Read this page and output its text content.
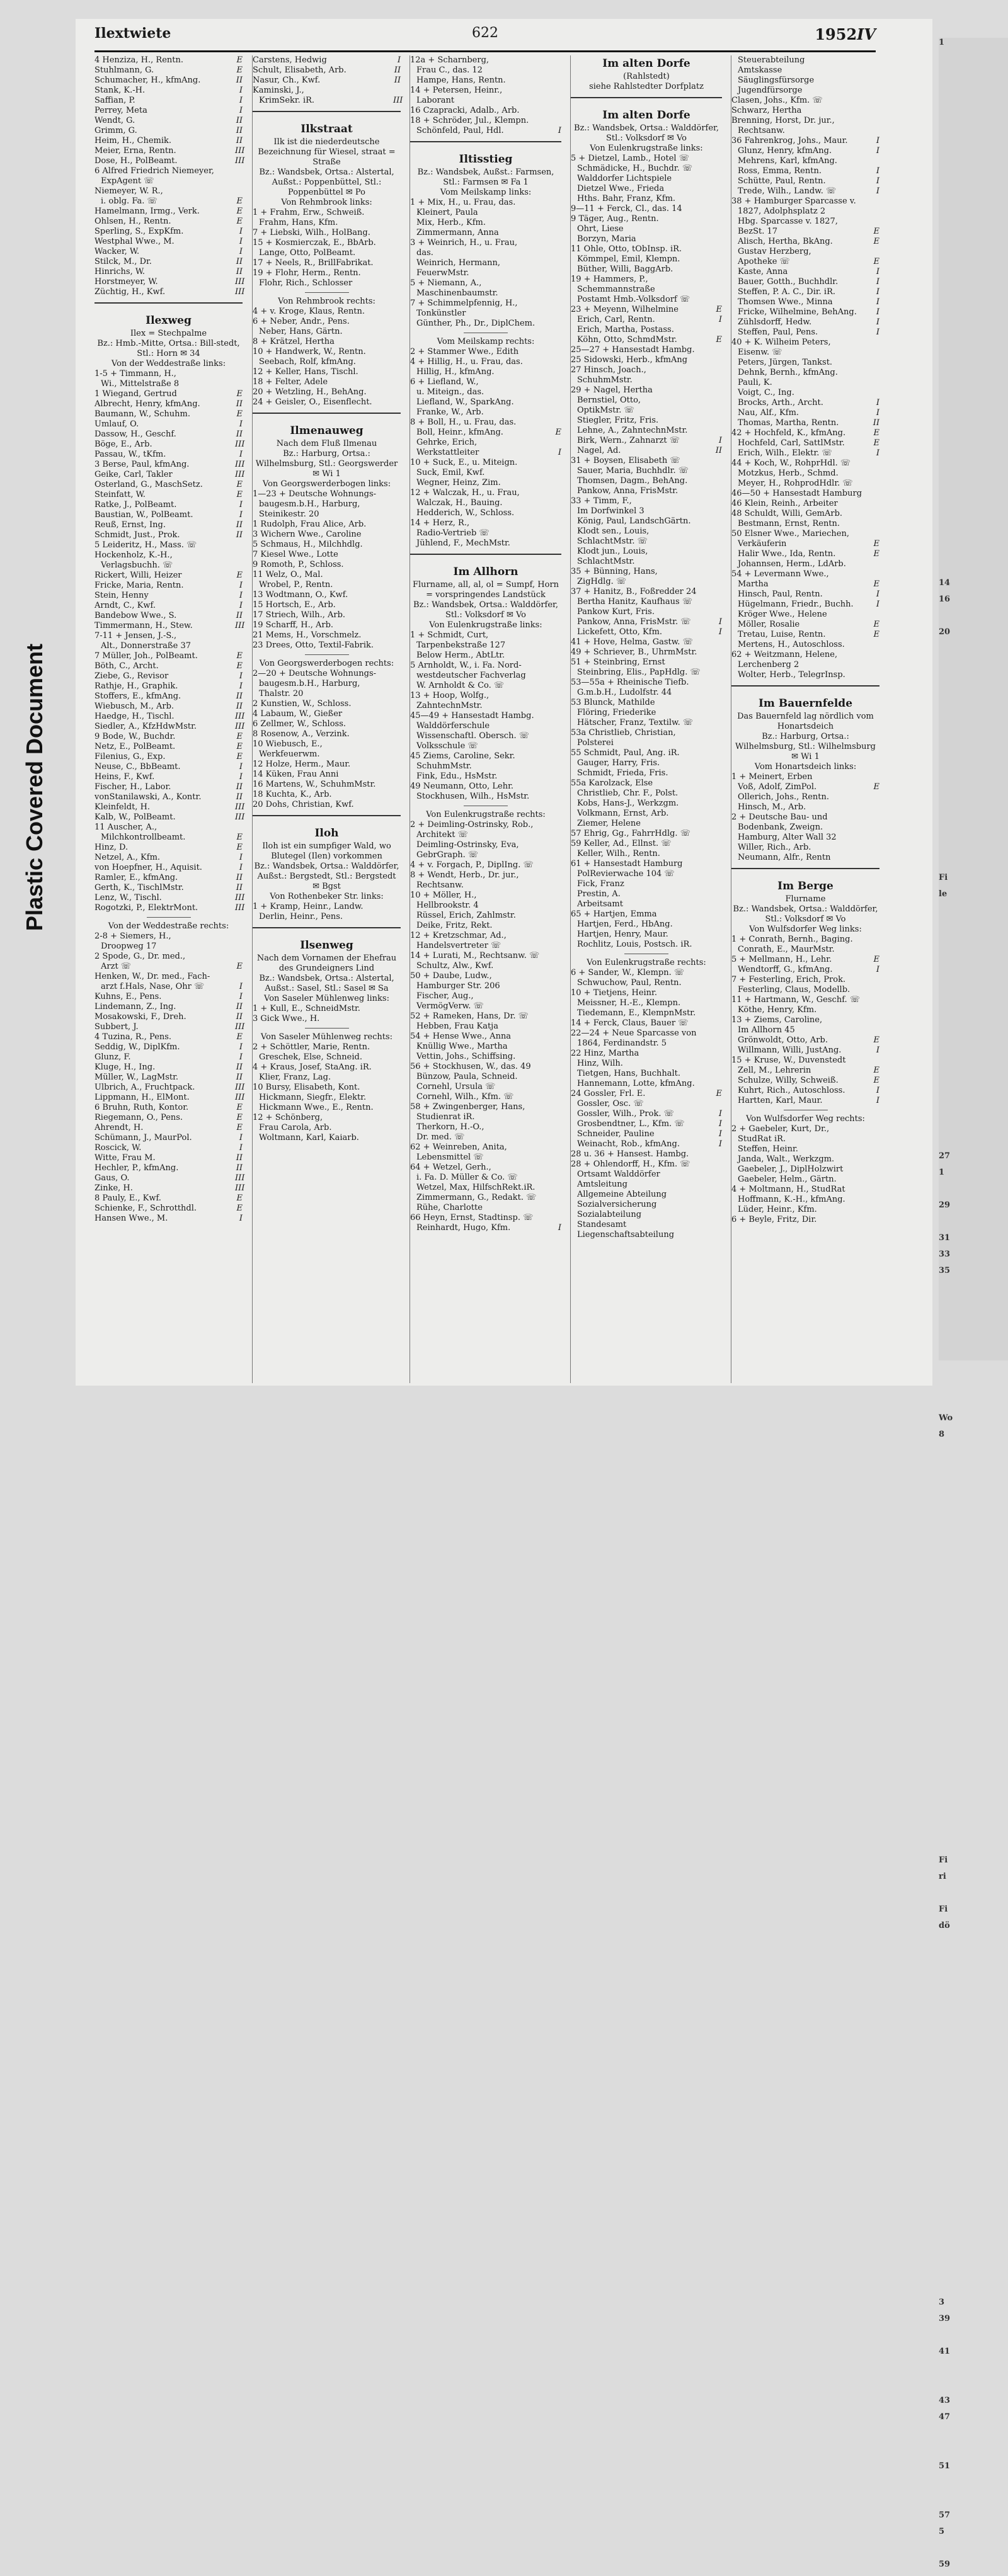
Plastic Covered Document
Ilextwiete	622	1952 IV
4 Henziza, H., Rentn.	E
Stuhlmann, G.	E
Schumacher, H., kfmAng.	II
Stank, K.-H.	I
Saffian, P.	I
Perrey, Meta	I
Wendt, G.	II
Grimm, G.	II
Heim, H., Chemik.	II
Meier, Erna, Rentn.	III
Dose, H., PolBeamt.	III
6 Alfred Friedrich Niemeyer,
ExpAgent ☏
Niemeyer, W. R.,
i. oblg. Fa. ☏	E
Hamelmann, Irmg., Verk.	E
Ohlsen, H., Rentn.	E
Sperling, S., ExpKfm.	I
Westphal Wwe., M.	I
Wacker, W.	I
Stilck, M., Dr.	II
Hinrichs, W.	II
Horstmeyer, W.	III
Züchtig, H., Kwf.	III
Ilexweg
Ilex = Stechpalme
Bz.: Hmb.-Mitte, Ortsa.: Bill-stedt, Stl.: Horn ✉ 34
Von der Weddestraße links:
1-5 + Timmann, H.,
Wi., Mittelstraße 8
1 Wiegand, Gertrud	E
Albrecht, Henry, kfmAng.	II
Baumann, W., Schuhm.	E
Umlauf, O.	I
Dassow, H., Geschf.	II
Böge, E., Arb.	III
Passau, W., tKfm.	I
3 Berse, Paul, kfmAng.	III
Geike, Carl, Takler	III
Osterland, G., MaschSetz.	E
Steinfatt, W.	E
Ratke, J., PolBeamt.	I
Baustian, W., PolBeamt.	I
Reuß, Ernst, Ing.	II
Schmidt, Just., Prok.	II
5 Leideritz, H., Mass. ☏
Hockenholz, K.-H.,
Verlagsbuchh. ☏
Rickert, Willi, Heizer	E
Fricke, Maria, Rentn.	I
Stein, Henny	I
Arndt, C., Kwf.	I
Bandebow Wwe., S.	II
Timmermann, H., Stew.	III
7-11 + Jensen, J.-S.,
Alt., Donnerstraße 37
7 Müller, Joh., PolBeamt.	E
Böth, C., Archt.	E
Ziebe, G., Revisor	I
Rathje, H., Graphik.	I
Stoffers, E., kfmAng.	II
Wiebusch, M., Arb.	II
Haedge, H., Tischl.	III
Siedler, A., KfzHdwMstr.	III
9 Bode, W., Buchdr.	E
Netz, E., PolBeamt.	E
Filenius, G., Exp.	E
Neuse, C., BbBeamt.	I
Heins, F., Kwf.	I
Fischer, H., Labor.	II
vonStanilawski, A., Kontr.	II
Kleinfeldt, H.	III
Kalb, W., PolBeamt.	III
11 Auscher, A.,
Milchkontrollbeamt.	E
Hinz, D.	E
Netzel, A., Kfm.	I
von Hoepfner, H., Aquisit.	I
Ramler, E., kfmAng.	II
Gerth, K., TischlMstr.	II
Lenz, W., Tischl.	III
Rogotzki, P., ElektrMont.	III
Von der Weddestraße rechts:
2-8 + Siemers, H.,
Droopweg 17
2 Spode, G., Dr. med.,
Arzt ☏	E
Henken, W., Dr. med., Fach-
arzt f.Hals, Nase, Ohr ☏	I
Kuhns, E., Pens.	I
Lindemann, Z., Ing.	II
Mosakowski, F., Dreh.	II
Subbert, J.	III
4 Tuzina, R., Pens.	E
Seddig, W., DiplKfm.	I
Glunz, F.	I
Kluge, H., Ing.	II
Müller, W., LagMstr.	II
Ulbrich, A., Fruchtpack.	III
Lippmann, H., ElMont.	III
6 Bruhn, Ruth, Kontor.	E
Riegemann, O., Pens.	E
Ahrendt, H.	E
Schümann, J., MaurPol.	I
Roscick, W.	I
Witte, Frau M.	II
Hechler, P., kfmAng.	II
Gaus, O.	III
Zinke, H.	III
8 Pauly, E., Kwf.	E
Schienke, F., Schrotthdl.	E
Hansen Wwe., M.	I
Carstens, Hedwig	I
Schult, Elisabeth, Arb.	II
Nasur, Ch., Kwf.	II
Kaminski, J.,
KrimSekr. iR.	III
Ilkstraat
Ilk ist die niederdeutsche Bezeichnung für Wiesel, straat = Straße
Bz.: Wandsbek, Ortsa.: Alstertal, Außst.: Poppenbüttel, Stl.: Poppenbüttel ✉ Po
Von Rehmbrook links:
1 + Frahm, Erw., Schweiß.
Frahm, Hans, Kfm.
7 + Liebski, Wilh., HolBang.
15 + Kosmierczak, E., BbArb.
Lange, Otto, PolBeamt.
17 + Neels, R., BrillFabrikat.
19 + Flohr, Herm., Rentn.
Flohr, Rich., Schlosser
Von Rehmbrook rechts:
4 + v. Kroge, Klaus, Rentn.
6 + Neber, Andr., Pens.
Neber, Hans, Gärtn.
8 + Krätzel, Hertha
10 + Handwerk, W., Rentn.
Seebach, Rolf, kfmAng.
12 + Keller, Hans, Tischl.
18 + Felter, Adele
20 + Wetzling, H., BehAng.
24 + Geisler, O., Eisenflecht.
Ilmenauweg
Nach dem Fluß Ilmenau
Bz.: Harburg, Ortsa.: Wilhelmsburg, Stl.: Georgswerder ✉ Wi 1
Von Georgswerderbogen links:
1—23 + Deutsche Wohnungs-
baugesm.b.H., Harburg,
Steinikestr. 20
1 Rudolph, Frau Alice, Arb.
3 Wichern Wwe., Caroline
5 Schmaus, H., Milchhdlg.
7 Kiesel Wwe., Lotte
9 Romoth, P., Schloss.
11 Welz, O., Mal.
Wrobel, P., Rentn.
13 Wodtmann, O., Kwf.
15 Hortsch, E., Arb.
17 Striech, Wilh., Arb.
19 Scharff, H., Arb.
21 Mems, H., Vorschmelz.
23 Drees, Otto, Textil-Fabrik.
Von Georgswerderbogen rechts:
2—20 + Deutsche Wohnungs-
baugesm.b.H., Harburg,
Thalstr. 20
2 Kunstien, W., Schloss.
4 Labaum, W., Gießer
6 Zellmer, W., Schloss.
8 Rosenow, A., Verzink.
10 Wiebusch, E.,
Werkfeuerwm.
12 Holze, Herm., Maur.
14 Küken, Frau Anni
16 Martens, W., SchuhmMstr.
18 Kuchta, K., Arb.
20 Dohs, Christian, Kwf.
Iloh
Iloh ist ein sumpfiger Wald, wo Blutegel (Ilen) vorkommen
Bz.: Wandsbek, Ortsa.: Walddörfer, Außst.: Bergstedt, Stl.: Bergstedt ✉ Bgst
Von Rothenbeker Str. links:
1 + Kramp, Heinr., Landw.
Derlin, Heinr., Pens.
Ilsenweg
Nach dem Vornamen der Ehefrau des Grundeigners Lind
Bz.: Wandsbek, Ortsa.: Alstertal, Außst.: Sasel, Stl.: Sasel ✉ Sa
Von Saseler Mühlenweg links:
1 + Kull, E., SchneidMstr.
3 Gick Wwe., H.
Von Saseler Mühlenweg rechts:
2 + Schöttler, Marie, Rentn.
Greschek, Else, Schneid.
4 + Kraus, Josef, StaAng. iR.
Klier, Franz, Lag.
10 Bursy, Elisabeth, Kont.
Hickmann, Siegfr., Elektr.
Hickmann Wwe., E., Rentn.
12 + Schönberg,
Frau Carola, Arb.
Woltmann, Karl, Kaiarb.
12a + Scharnberg,
Frau C., das. 12
Hampe, Hans, Rentn.
14 + Petersen, Heinr.,
Laborant
16 Czapracki, Adalb., Arb.
18 + Schröder, Jul., Klempn.
Schönfeld, Paul, Hdl.	I
Iltisstieg
Bz.: Wandsbek, Außst.: Farmsen, Stl.: Farmsen ✉ Fa 1
Vom Meilskamp links:
1 + Mix, H., u. Frau, das.
Kleinert, Paula
Mix, Herb., Kfm.
Zimmermann, Anna
3 + Weinrich, H., u. Frau,
das.
Weinrich, Hermann,
FeuerwMstr.
5 + Niemann, A.,
Maschinenbaumstr.
7 + Schimmelpfennig, H.,
Tonkünstler
Günther, Ph., Dr., DiplChem.
Vom Meilskamp rechts:
2 + Stammer Wwe., Edith
4 + Hillig, H., u. Frau, das.
Hillig, H., kfmAng.
6 + Liefland, W.,
u. Miteign., das.
Liefland, W., SparkAng.
Franke, W., Arb.
8 + Boll, H., u. Frau, das.
Boll, Heinr., kfmAng.	E
Gehrke, Erich,
Werkstattleiter	I
10 + Suck, E., u. Miteign.
Suck, Emil, Kwf.
Wegner, Heinz, Zim.
12 + Walczak, H., u. Frau,
Walczak, H., Bauing.
Hedderich, W., Schloss.
14 + Herz, R.,
Radio-Vertrieb ☏
Jühlend, F., MechMstr.
Im Allhorn
Flurname, all, al, ol = Sumpf, Horn = vorspringendes Landstück
Bz.: Wandsbek, Ortsa.: Walddörfer, Stl.: Volksdorf ✉ Vo
Von Eulenkrugstraße links:
1 + Schmidt, Curt,
Tarpenbekstraße 127
Below Herm., AbtLtr.
5 Arnholdt, W., i. Fa. Nord-
westdeutscher Fachverlag
W. Arnholdt & Co. ☏
13 + Hoop, Wolfg.,
ZahntechnMstr.
45—49 + Hansestadt Hambg.
Walddörferschule
Wissenschaftl. Obersch. ☏
Volksschule ☏
45 Ziems, Caroline, Sekr.
SchuhmMstr.
Fink, Edu., HsMstr.
49 Neumann, Otto, Lehr.
Stockhusen, Wilh., HsMstr.
Von Eulenkrugstraße rechts:
2 + Deimling-Ostrinsky, Rob.,
Architekt ☏
Deimling-Ostrinsky, Eva,
GebrGraph. ☏
4 + v. Forgach, P., DiplIng. ☏
8 + Wendt, Herb., Dr. jur.,
Rechtsanw.
10 + Möller, H.,
Hellbrookstr. 4
Rüssel, Erich, Zahlmstr.
Deike, Fritz, Rekt.
12 + Kretzschmar, Ad.,
Handelsvertreter ☏
14 + Lurati, M., Rechtsanw. ☏
Schultz, Alw., Kwf.
50 + Daube, Ludw.,
Hamburger Str. 206
Fischer, Aug.,
VermögVerw. ☏
52 + Rameken, Hans, Dr. ☏
Hebben, Frau Katja
54 + Hense Wwe., Anna
Knüllig Wwe., Martha
Vettin, Johs., Schiffsing.
56 + Stockhusen, W., das. 49
Bünzow, Paula, Schneid.
Cornehl, Ursula ☏
Cornehl, Wilh., Kfm. ☏
58 + Zwingenberger, Hans,
Studienrat iR.
Therkorn, H.-O.,
Dr. med. ☏
62 + Weinreben, Anita,
Lebensmittel ☏
64 + Wetzel, Gerh.,
i. Fa. D. Müller & Co. ☏
Wetzel, Max, HilfschRekt.iR.
Zimmermann, G., Redakt. ☏
Rühe, Charlotte
66 Heyn, Ernst, Stadtinsp. ☏
Reinhardt, Hugo, Kfm.	I
Im alten Dorfe
(Rahlstedt)
siehe Rahlstedter Dorfplatz
Im alten Dorfe
Bz.: Wandsbek, Ortsa.: Walddörfer, Stl.: Volksdorf ✉ Vo
Von Eulenkrugstraße links:
5 + Dietzel, Lamb., Hotel ☏
Schmädicke, H., Buchdr. ☏
Walddorfer Lichtspiele
Dietzel Wwe., Frieda
Hths. Bahr, Franz, Kfm.
9—11 + Ferck, Cl., das. 14
9 Täger, Aug., Rentn.
Ohrt, Liese
Borzyn, Maria
11 Ohle, Otto, tObInsp. iR.
Kömmpel, Emil, Klempn.
Büther, Willi, BaggArb.
19 + Hammers, P.,
Schemmannstraße
Postamt Hmb.-Volksdorf ☏
23 + Meyenn, Wilhelmine	E
Erich, Carl, Rentn.	I
Erich, Martha, Postass.
Köhn, Otto, SchmdMstr.	E
25—27 + Hansestadt Hambg.
25 Sidowski, Herb., kfmAng
27 Hinsch, Joach.,
SchuhmMstr.
29 + Nagel, Hertha
Bernstiel, Otto,
OptikMstr. ☏
Stiegler, Fritz, Fris.
Lehne, A., ZahntechnMstr.
Birk, Wern., Zahnarzt ☏	I
Nagel, Ad.	II
31 + Boysen, Elisabeth ☏
Sauer, Maria, Buchhdlr. ☏
Thomsen, Dagm., BehAng.
Pankow, Anna, FrisMstr.
33 + Timm, F.,
Im Dorfwinkel 3
König, Paul, LandschGärtn.
Klodt sen., Louis,
SchlachtMstr. ☏
Klodt jun., Louis,
SchlachtMstr.
35 + Bünning, Hans,
ZigHdlg. ☏
37 + Hanitz, B., Foßredder 24
Bertha Hanitz, Kaufhaus ☏
Pankow Kurt, Fris.
Pankow, Anna, FrisMstr. ☏	I
Lickefett, Otto, Kfm.	I
41 + Hove, Helma, Gastw. ☏
49 + Schriever, B., UhrmMstr.
51 + Steinbring, Ernst
Steinbring, Elis., PapHdlg. ☏
53—55a + Rheinische Tiefb.
G.m.b.H., Ludolfstr. 44
53 Blunck, Mathilde
Flöring, Friederike
Hätscher, Franz, Textilw. ☏
53a Christlieb, Christian,
Polsterei
55 Schmidt, Paul, Ang. iR.
Gauger, Harry, Fris.
Schmidt, Frieda, Fris.
55a Karolzack, Else
Christlieb, Chr. F., Polst.
Kobs, Hans-J., Werkzgm.
Volkmann, Ernst, Arb.
Ziemer, Helene
57 Ehrig, Gg., FahrrHdlg. ☏
59 Keller, Ad., Ellnst. ☏
Keller, Wilh., Rentn.
61 + Hansestadt Hamburg
PolRevierwache 104 ☏
Fick, Franz
Prestin, A.
Arbeitsamt
65 + Hartjen, Emma
Hartjen, Ferd., HbAng.
Hartjen, Henry, Maur.
Rochlitz, Louis, Postsch. iR.
Von Eulenkrugstraße rechts:
6 + Sander, W., Klempn. ☏
Schwuchow, Paul, Rentn.
10 + Tietjens, Heinr.
Meissner, H.-E., Klempn.
Tiedemann, E., KlempnMstr.
14 + Ferck, Claus, Bauer ☏
22—24 + Neue Sparcasse von
1864, Ferdinandstr. 5
22 Hinz, Martha
Hinz, Wilh.
Tietgen, Hans, Buchhalt.
Hannemann, Lotte, kfmAng.
24 Gossler, Frl. E.	E
Gossler, Osc. ☏
Gossler, Wilh., Prok. ☏	I
Grosbendtner, L., Kfm. ☏	I
Schneider, Pauline	I
Weinacht, Rob., kfmAng.	I
28 u. 36 + Hansest. Hambg.
28 + Ohlendorff, H., Kfm. ☏
Ortsamt Walddörfer
Amtsleitung
Allgemeine Abteilung
Sozialversicherung
Sozialabteilung
Standesamt
Liegenschaftsabteilung
Steuerabteilung
Amtskasse
Säuglingsfürsorge
Jugendfürsorge
Clasen, Johs., Kfm. ☏
Schwarz, Hertha
Brenning, Horst, Dr. jur.,
Rechtsanw.
36 Fahrenkrog, Johs., Maur.	I
Glunz, Henry, kfmAng.	I
Mehrens, Karl, kfmAng.
Ross, Emma, Rentn.	I
Schütte, Paul, Rentn.	I
Trede, Wilh., Landw. ☏	I
38 + Hamburger Sparcasse v.
1827, Adolphsplatz 2
Hbg. Sparcasse v. 1827,
BezSt. 17	E
Alisch, Hertha, BkAng.	E
Gustav Herzberg,
Apotheke ☏	E
Kaste, Anna	I
Bauer, Gotth., Buchhdlr.	I
Steffen, P. A. C., Dir. iR.	I
Thomsen Wwe., Minna	I
Fricke, Wilhelmine, BehAng.	I
Zühlsdorff, Hedw.	I
Steffen, Paul, Pens.	I
40 + K. Wilheim Peters,
Eisenw. ☏
Peters, Jürgen, Tankst.
Dehnk, Bernh., kfmAng.
Pauli, K.
Voigt, C., Ing.
Brocks, Arth., Archt.	I
Nau, Alf., Kfm.	I
Thomas, Martha, Rentn.	II
42 + Hochfeld, K., kfmAng.	E
Hochfeld, Carl, SattlMstr.	E
Erich, Wilh., Elektr. ☏	I
44 + Koch, W., RohprHdl. ☏
Motzkus, Herb., Schmd.
Meyer, H., RohprodHdlr. ☏
46—50 + Hansestadt Hamburg
46 Klein, Reinh., Arbeiter
48 Schuldt, Willi, GemArb.
Bestmann, Ernst, Rentn.
50 Elsner Wwe., Mariechen,
Verkäuferin	E
Halir Wwe., Ida, Rentn.	E
Johannsen, Herm., LdArb.
54 + Levermann Wwe.,
Martha	E
Hinsch, Paul, Rentn.	I
Hügelmann, Friedr., Buchh.	I
Kröger Wwe., Helene
Möller, Rosalie	E
Tretau, Luise, Rentn.	E
Mertens, H., Autoschloss.
62 + Weitzmann, Helene,
Lerchenberg 2
Wolter, Herb., TelegrInsp.
Im Bauernfelde
Das Bauernfeld lag nördlich vom Honartsdeich
Bz.: Harburg, Ortsa.: Wilhelmsburg, Stl.: Wilhelmsburg ✉ Wi 1
Vom Honartsdeich links:
1 + Meinert, Erben
Voß, Adolf, ZimPol.	E
Ollerich, Johs., Rentn.
Hinsch, M., Arb.
2 + Deutsche Bau- und
Bodenbank, Zweign.
Hamburg, Alter Wall 32
Willer, Rich., Arb.
Neumann, Alfr., Rentn
Im Berge
Flurname
Bz.: Wandsbek, Ortsa.: Walddörfer, Stl.: Volksdorf ✉ Vo
Von Wulfsdorfer Weg links:
1 + Conrath, Bernh., Baging.
Conrath, E., MaurMstr.
5 + Mellmann, H., Lehr.	E
Wendtorff, G., kfmAng.	I
7 + Festerling, Erich, Prok.
Festerling, Claus, Modellb.
11 + Hartmann, W., Geschf. ☏
Köthe, Henry, Kfm.
13 + Ziems, Caroline,
Im Allhorn 45
Grönwoldt, Otto, Arb.	E
Willmann, Willi, JustAng.	I
15 + Kruse, W., Duvenstedt
Zell, M., Lehrerin	E
Schulze, Willy, Schweiß.	E
Kuhrt, Rich., Autoschloss.	I
Hartten, Karl, Maur.	I
Von Wulfsdorfer Weg rechts:
2 + Gaebeler, Kurt, Dr.,
StudRat iR.
Steffen, Heinr.
Janda, Walt., Werkzgm.
Gaebeler, J., DiplHolzwirt
Gaebeler, Helm., Gärtn.
4 + Moltmann, H., StudRat
Hoffmann, K.-H., kfmAng.
Lüder, Heinr., Kfm.
6 + Beyle, Fritz, Dir.
1
14
16
20
Fi
le
27
1
29
31
33
35
Wo
8
Fi
ri
Fi
dö
3
39
41
43
47
51
57
5
59
